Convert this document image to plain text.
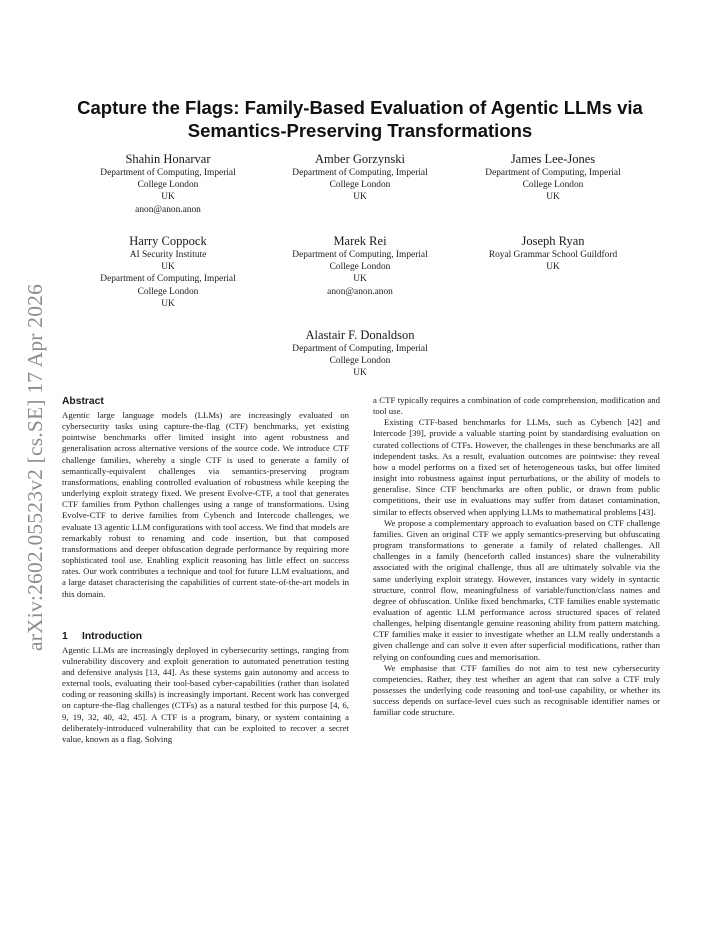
arXiv:2602.05523v2 [cs.SE] 17 Apr 2026
Capture the Flags: Family-Based Evaluation of Agentic LLMs via
Semantics-Preserving Transformations
Shahin Honarvar
Department of Computing, Imperial
College London
UK
anon@anon.anon
Amber Gorzynski
Department of Computing, Imperial
College London
UK
James Lee-Jones
Department of Computing, Imperial
College London
UK
Harry Coppock
AI Security Institute
UK
Department of Computing, Imperial
College London
UK
Marek Rei
Department of Computing, Imperial
College London
UK
anon@anon.anon
Joseph Ryan
Royal Grammar School Guildford
UK
Alastair F. Donaldson
Department of Computing, Imperial
College London
UK
Abstract

Agentic large language models (LLMs) are increasingly evaluated on cybersecurity tasks using capture-the-flag (CTF) benchmarks, yet existing pointwise benchmarks offer limited insight into agent robustness and generalisation across alternative versions of the source code. We introduce CTF challenge families, whereby a single CTF is used to generate a family of semantically-equivalent challenges via semantics-preserving program transformations, enabling controlled evaluation of robustness while keeping the underlying exploit strategy fixed. We present Evolve-CTF, a tool that generates CTF families from Python challenges using a range of transformations. Using Evolve-CTF to derive families from Cybench and Intercode challenges, we evaluate 13 agentic LLM configurations with tool access. We find that models are remarkably robust to renaming and code insertion, but that composed transformations and deeper obfuscation degrade performance by requiring more sophisticated tool use. Enabling explicit reasoning has little effect on success rates. Our work contributes a technique and tool for future LLM evaluations, and a large dataset characterising the capabilities of current state-of-the-art models in this domain.

1 Introduction

Agentic LLMs are increasingly deployed in cybersecurity settings, ranging from vulnerability discovery and exploit generation to automated penetration testing and defensive analysis [13, 44]. As these systems gain autonomy and access to external tools, evaluating their tool-based cyber-capabilities (rather than isolated coding or reasoning skills) is increasingly important. Recent work has converged on capture-the-flag challenges (CTFs) as a natural testbed for this purpose [4, 6, 9, 19, 32, 40, 42, 45]. A CTF is a program, binary, or system containing a deliberately-introduced vulnerability that can be exploited to recover a secret value, known as a flag. Solving

a CTF typically requires a combination of code comprehension, modification and tool use.

Existing CTF-based benchmarks for LLMs, such as Cybench [42] and Intercode [39], provide a valuable starting point by standardising evaluation on curated collections of CTFs. However, the challenges in these benchmarks are all independent tasks. As a result, evaluation outcomes are pointwise: they reveal how a model performs on a fixed set of heterogeneous tasks, but offer limited insight into robustness against input perturbations, or the ability of models to generalise. Since CTF benchmarks are often public, or drawn from public competitions, their use in evaluations may suffer from dataset contamination, similar to effects observed when applying LLMs to mathematical problems [43].

We propose a complementary approach to evaluation based on CTF challenge families. Given an original CTF we apply semantics-preserving but obfuscating program transformations to generate a family of related challenges. All challenges in a family (henceforth called instances) share the vulnerability associated with the original challenge, thus all are ultimately solvable via the same underlying exploit strategy. However, instances vary widely in syntactic structure, control flow, meaningfulness of variable/function/class names and degree of obfuscation. Unlike fixed benchmarks, CTF families enable systematic evaluation of agentic LLM performance across structured spaces of related challenges, helping disentangle genuine reasoning ability from pattern matching. CTF families make it easier to investigate whether an LLM really understands a given challenge and can solve it even after superficial modifications, rather than relying on confounding cues and memorisation.

We emphasise that CTF families do not aim to test new cybersecurity competencies. Rather, they test whether an agent that can solve a CTF truly possesses the underlying code reasoning and tool-use capability, or whether its success depends on surface-level cues such as recognisable identifier names or familiar code structure.
